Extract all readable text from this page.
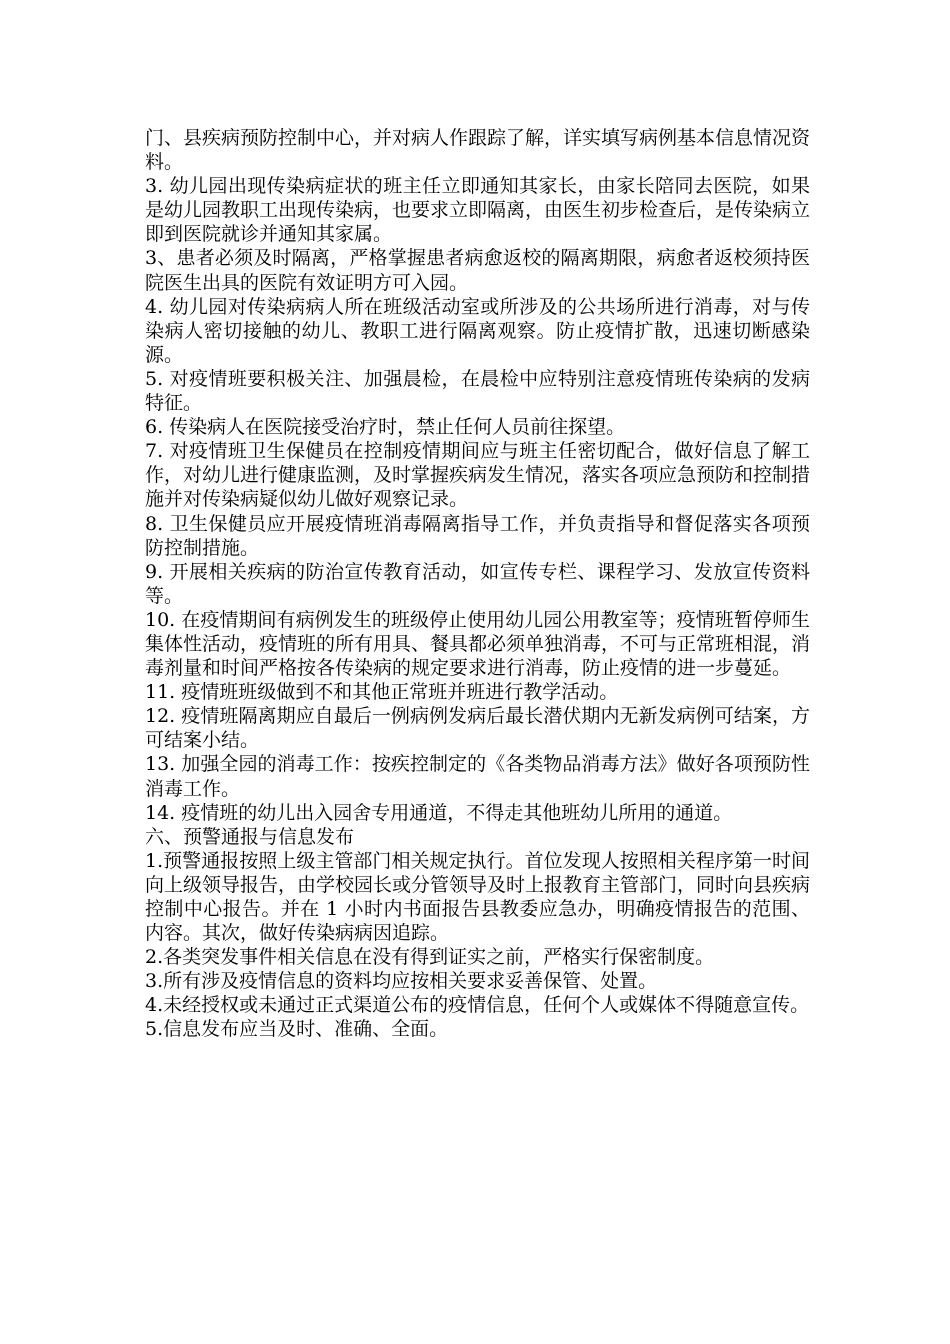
门、县疾病预防控制中心，并对病人作跟踪了解，详实填写病例基本信息情况资料。

3. 幼儿园出现传染病症状的班主任立即通知其家长，由家长陪同去医院，如果是幼儿园教职工出现传染病，也要求立即隔离，由医生初步检查后，是传染病立即到医院就诊并通知其家属。

3、患者必须及时隔离，严格掌握患者病愈返校的隔离期限，病愈者返校须持医院医生出具的医院有效证明方可入园。

4. 幼儿园对传染病病人所在班级活动室或所涉及的公共场所进行消毒，对与传染病人密切接触的幼儿、教职工进行隔离观察。防止疫情扩散，迅速切断感染源。

5. 对疫情班要积极关注、加强晨检，在晨检中应特别注意疫情班传染病的发病特征。

6. 传染病人在医院接受治疗时，禁止任何人员前往探望。

7. 对疫情班卫生保健员在控制疫情期间应与班主任密切配合，做好信息了解工作，对幼儿进行健康监测，及时掌握疾病发生情况，落实各项应急预防和控制措施并对传染病疑似幼儿做好观察记录。

8. 卫生保健员应开展疫情班消毒隔离指导工作，并负责指导和督促落实各项预防控制措施。

9. 开展相关疾病的防治宣传教育活动，如宣传专栏、课程学习、发放宣传资料等。

10. 在疫情期间有病例发生的班级停止使用幼儿园公用教室等；疫情班暂停师生集体性活动，疫情班的所有用具、餐具都必须单独消毒，不可与正常班相混，消毒剂量和时间严格按各传染病的规定要求进行消毒，防止疫情的进一步蔓延。

11. 疫情班班级做到不和其他正常班并班进行教学活动。

12. 疫情班隔离期应自最后一例病例发病后最长潜伏期内无新发病例可结案，方可结案小结。

13. 加强全园的消毒工作：按疾控制定的《各类物品消毒方法》做好各项预防性消毒工作。

14. 疫情班的幼儿出入园舍专用通道，不得走其他班幼儿所用的通道。

六、预警通报与信息发布

1.预警通报按照上级主管部门相关规定执行。首位发现人按照相关程序第一时间向上级领导报告，由学校园长或分管领导及时上报教育主管部门，同时向县疾病控制中心报告。并在 1 小时内书面报告县教委应急办，明确疫情报告的范围、内容。其次，做好传染病病因追踪。

2.各类突发事件相关信息在没有得到证实之前，严格实行保密制度。

3.所有涉及疫情信息的资料均应按相关要求妥善保管、处置。

4.未经授权或未通过正式渠道公布的疫情信息，任何个人或媒体不得随意宣传。

5.信息发布应当及时、准确、全面。
